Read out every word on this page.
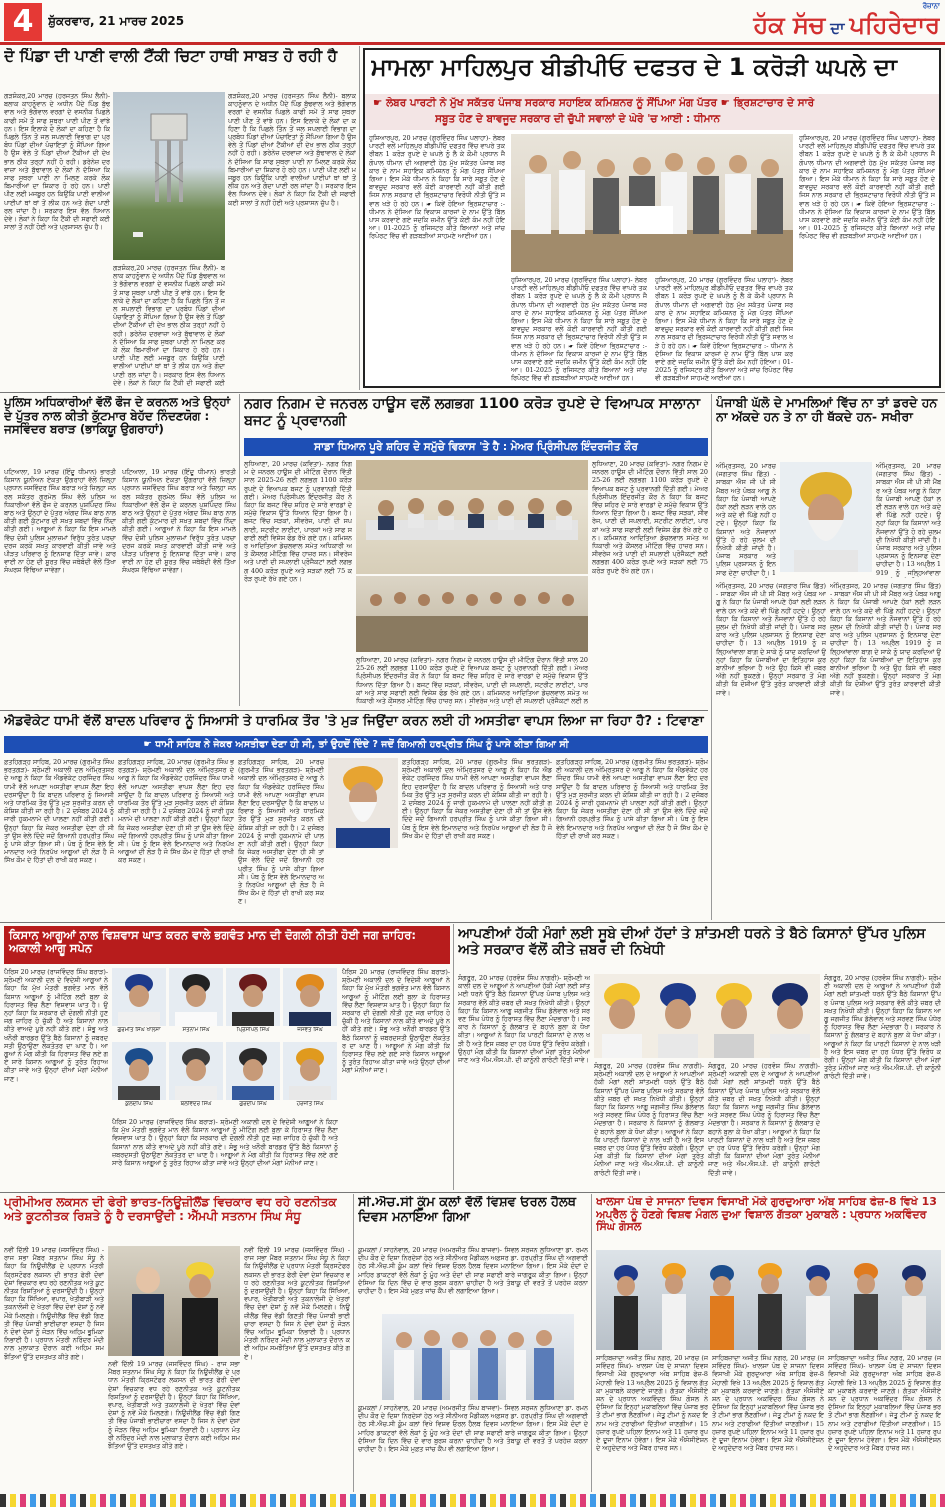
4	ਸ਼ੁੱਕਰਵਾਰ, 21 ਮਾਰਚ 2025
ਰੋਜ਼ਾਨਾ
ਹੱਕ ਸੱਚ ਦਾ ਪਹਿਰੇਦਾਰ
ਦੋ ਪਿੰਡਾ ਦੀ ਪਾਣੀ ਵਾਲੀ ਟੈਂਕੀ ਚਿਟਾ ਹਾਥੀ ਸਾਬਤ ਹੋ ਰਹੀ ਹੈ
ਗੜਸ਼ੰਕਰ,20 ਮਾਰਚ (ਹਰਜਤਨ ਸਿੰਘ ਲੈਨੀ)- ਬਲਾਕ ਕਾਹਨੂੰਵਾਨ ਦੇ ਅਧੀਨ ਪੈਂਦੇ ਪਿੰਡ ਬੁੱਢਵਾਲ ਅਤੇ ਭੱਗੋਵਾਲ ਵਰਗਾਂ ਦੇ ਵਸਨੀਕ ਪਿਛਲੇ ਕਾਫੀ ਸਮੇਂ ਤੋਂ ਸਾਫ ਸੁਥਰਾ ਪਾਣੀ ਪੀਣ ਤੋਂ ਵਾਂਝੇ ਹਨ। ਇਸ ਇਲਾਕੇ ਦੇ ਲੋਕਾਂ ਦਾ ਕਹਿਣਾ ਹੈ ਕਿ ਪਿਛਲੇ ਤਿੰਨ ਤੋਂ ਜਲ ਸਪਲਾਈ ਵਿਭਾਗ ਦਾ ਪ੍ਰਬੰਧ ਪਿੰਡਾਂ ਦੀਆਂ ਪੰਚਾਇਤਾਂ ਨੂੰ ਸੌਂਪਿਆ ਗਿਆ ਹੈ ਉਸ ਵੇਲੇ ਤੋਂ ਪਿੰਡਾਂ ਦੀਆਂ ਟੈਂਕੀਆਂ ਦੀ ਦੇਖ ਭਾਲ ਠੀਕ ਤਰ੍ਹਾਂ ਨਹੀਂ ਹੋ ਰਹੀ। ਡਰੇਨੇਜ਼ ਦਰਵਾਜ਼ਾ ਅਤੇ ਬੁੱਢਾਵਾਲ ਦੇ ਲੋਕਾਂ ਨੇ ਦੱਸਿਆ ਕਿ ਸਾਫ ਸੁਥਰਾ ਪਾਣੀ ਨਾ ਮਿਲਣ ਕਰਕੇ ਲੋਕ ਬਿਮਾਰੀਆਂ ਦਾ ਸ਼ਿਕਾਰ ਹੋ ਰਹੇ ਹਨ। ਪਾਣੀ ਪੀਣ ਲਈ ਮਜਬੂਰ ਹਨ ਕਿਉਂਕਿ ਪਾਣੀ ਵਾਲੀਆਂ ਪਾਈਪਾਂ ਥਾਂ ਥਾਂ ਤੋਂ ਲੀਕ ਹਨ ਅਤੇ ਗੰਦਾ ਪਾਣੀ ਰਲ ਜਾਂਦਾ ਹੈ। ਸਰਕਾਰ ਇਸ ਵੱਲ ਧਿਆਨ ਦੇਵੇ। ਲੋਕਾਂ ਨੇ ਕਿਹਾ ਕਿ ਟੈਂਕੀ ਦੀ ਸਫਾਈ ਕਈ ਸਾਲਾਂ ਤੋਂ ਨਹੀਂ ਹੋਈ ਅਤੇ ਪ੍ਰਸ਼ਾਸਨ ਚੁੱਪ ਹੈ।
ਗੜਸ਼ੰਕਰ,20 ਮਾਰਚ (ਹਰਜਤਨ ਸਿੰਘ ਲੈਨੀ)- ਬਲਾਕ ਕਾਹਨੂੰਵਾਨ ਦੇ ਅਧੀਨ ਪੈਂਦੇ ਪਿੰਡ ਬੁੱਢਵਾਲ ਅਤੇ ਭੱਗੋਵਾਲ ਵਰਗਾਂ ਦੇ ਵਸਨੀਕ ਪਿਛਲੇ ਕਾਫੀ ਸਮੇਂ ਤੋਂ ਸਾਫ ਸੁਥਰਾ ਪਾਣੀ ਪੀਣ ਤੋਂ ਵਾਂਝੇ ਹਨ। ਇਸ ਇਲਾਕੇ ਦੇ ਲੋਕਾਂ ਦਾ ਕਹਿਣਾ ਹੈ ਕਿ ਪਿਛਲੇ ਤਿੰਨ ਤੋਂ ਜਲ ਸਪਲਾਈ ਵਿਭਾਗ ਦਾ ਪ੍ਰਬੰਧ ਪਿੰਡਾਂ ਦੀਆਂ ਪੰਚਾਇਤਾਂ ਨੂੰ ਸੌਂਪਿਆ ਗਿਆ ਹੈ ਉਸ ਵੇਲੇ ਤੋਂ ਪਿੰਡਾਂ ਦੀਆਂ ਟੈਂਕੀਆਂ ਦੀ ਦੇਖ ਭਾਲ ਠੀਕ ਤਰ੍ਹਾਂ ਨਹੀਂ ਹੋ ਰਹੀ। ਡਰੇਨੇਜ਼ ਦਰਵਾਜ਼ਾ ਅਤੇ ਬੁੱਢਾਵਾਲ ਦੇ ਲੋਕਾਂ ਨੇ ਦੱਸਿਆ ਕਿ ਸਾਫ ਸੁਥਰਾ ਪਾਣੀ ਨਾ ਮਿਲਣ ਕਰਕੇ ਲੋਕ ਬਿਮਾਰੀਆਂ ਦਾ ਸ਼ਿਕਾਰ ਹੋ ਰਹੇ ਹਨ। ਪਾਣੀ ਪੀਣ ਲਈ ਮਜਬੂਰ ਹਨ ਕਿਉਂਕਿ ਪਾਣੀ ਵਾਲੀਆਂ ਪਾਈਪਾਂ ਥਾਂ ਥਾਂ ਤੋਂ ਲੀਕ ਹਨ ਅਤੇ ਗੰਦਾ ਪਾਣੀ ਰਲ ਜਾਂਦਾ ਹੈ। ਸਰਕਾਰ ਇਸ ਵੱਲ ਧਿਆਨ ਦੇਵੇ। ਲੋਕਾਂ ਨੇ ਕਿਹਾ ਕਿ ਟੈਂਕੀ ਦੀ ਸਫਾਈ ਕਈ
ਗੜਸ਼ੰਕਰ,20 ਮਾਰਚ (ਹਰਜਤਨ ਸਿੰਘ ਲੈਨੀ)- ਬਲਾਕ ਕਾਹਨੂੰਵਾਨ ਦੇ ਅਧੀਨ ਪੈਂਦੇ ਪਿੰਡ ਬੁੱਢਵਾਲ ਅਤੇ ਭੱਗੋਵਾਲ ਵਰਗਾਂ ਦੇ ਵਸਨੀਕ ਪਿਛਲੇ ਕਾਫੀ ਸਮੇਂ ਤੋਂ ਸਾਫ ਸੁਥਰਾ ਪਾਣੀ ਪੀਣ ਤੋਂ ਵਾਂਝੇ ਹਨ। ਇਸ ਇਲਾਕੇ ਦੇ ਲੋਕਾਂ ਦਾ ਕਹਿਣਾ ਹੈ ਕਿ ਪਿਛਲੇ ਤਿੰਨ ਤੋਂ ਜਲ ਸਪਲਾਈ ਵਿਭਾਗ ਦਾ ਪ੍ਰਬੰਧ ਪਿੰਡਾਂ ਦੀਆਂ ਪੰਚਾਇਤਾਂ ਨੂੰ ਸੌਂਪਿਆ ਗਿਆ ਹੈ ਉਸ ਵੇਲੇ ਤੋਂ ਪਿੰਡਾਂ ਦੀਆਂ ਟੈਂਕੀਆਂ ਦੀ ਦੇਖ ਭਾਲ ਠੀਕ ਤਰ੍ਹਾਂ ਨਹੀਂ ਹੋ ਰਹੀ। ਡਰੇਨੇਜ਼ ਦਰਵਾਜ਼ਾ ਅਤੇ ਬੁੱਢਾਵਾਲ ਦੇ ਲੋਕਾਂ ਨੇ ਦੱਸਿਆ ਕਿ ਸਾਫ ਸੁਥਰਾ ਪਾਣੀ ਨਾ ਮਿਲਣ ਕਰਕੇ ਲੋਕ ਬਿਮਾਰੀਆਂ ਦਾ ਸ਼ਿਕਾਰ ਹੋ ਰਹੇ ਹਨ। ਪਾਣੀ ਪੀਣ ਲਈ ਮਜਬੂਰ ਹਨ ਕਿਉਂਕਿ ਪਾਣੀ ਵਾਲੀਆਂ ਪਾਈਪਾਂ ਥਾਂ ਥਾਂ ਤੋਂ ਲੀਕ ਹਨ ਅਤੇ ਗੰਦਾ ਪਾਣੀ ਰਲ ਜਾਂਦਾ ਹੈ। ਸਰਕਾਰ ਇਸ ਵੱਲ ਧਿਆਨ ਦੇਵੇ। ਲੋਕਾਂ ਨੇ ਕਿਹਾ ਕਿ ਟੈਂਕੀ ਦੀ ਸਫਾਈ ਕਈ ਸਾਲਾਂ ਤੋਂ ਨਹੀਂ ਹੋਈ ਅਤੇ ਪ੍ਰਸ਼ਾਸਨ ਚੁੱਪ ਹੈ।
ਮਾਮਲਾ ਮਾਹਿਲਪੁਰ ਬੀਡੀਪੀਓ ਦਫਤਰ ਦੇ 1 ਕਰੋੜੀ ਘਪਲੇ ਦਾ
☛ ਲੇਬਰ ਪਾਰਟੀ ਨੇ ਮੁੱਖ ਸਕੱਤਰ ਪੰਜਾਬ ਸਰਕਾਰ ਸਹਾਇਕ ਕਮਿਸ਼ਨਰ ਨੂੰ ਸੌਂਪਿਆ ਮੰਗ ਪੱਤਰ ☛ ਭ੍ਰਿਸ਼ਟਾਚਾਰ ਦੇ ਸਾਰੇ
ਸਬੂਤ ਹੋਣ ਦੇ ਬਾਵਜੂਦ ਸਰਕਾਰ ਦੀ ਚੁੱਪੀ ਸਵਾਲਾਂ ਦੇ ਘੇਰੇ 'ਚ ਆਈ : ਧੀਮਾਨ
ਹੁਸ਼ਿਆਰਪੁਰ, 20 ਮਾਰਚ (ਗੁਰਵਿੰਦਰ ਸਿੰਘ ਪਲਾਹਾ)- ਲੇਬਰ ਪਾਰਟੀ ਵਲੋਂ ਮਾਹਿਲਪੁਰ ਬੀਡੀਪੀਓ ਦਫਤਰ ਵਿੱਚ ਵਾਪਰੇ ਤਕਰੀਬਨ 1 ਕਰੋੜ ਰੁਪਏ ਦੇ ਘਪਲੇ ਨੂੰ ਲੈ ਕੇ ਕੌਮੀ ਪ੍ਰਧਾਨ ਜੈ ਗੋਪਾਲ ਧੀਮਾਨ ਦੀ ਅਗਵਾਈ ਹੇਠ ਮੁੱਖ ਸਕੱਤਰ ਪੰਜਾਬ ਸਰਕਾਰ ਦੇ ਨਾਮ ਸਹਾਇਕ ਕਮਿਸ਼ਨਰ ਨੂੰ ਮੰਗ ਪੱਤਰ ਸੌਂਪਿਆ ਗਿਆ। ਇਸ ਮੌਕੇ ਧੀਮਾਨ ਨੇ ਕਿਹਾ ਕਿ ਸਾਰੇ ਸਬੂਤ ਹੋਣ ਦੇ ਬਾਵਜੂਦ ਸਰਕਾਰ ਵਲੋਂ ਕੋਈ ਕਾਰਵਾਈ ਨਹੀਂ ਕੀਤੀ ਗਈ ਜਿਸ ਨਾਲ ਸਰਕਾਰ ਦੀ ਭ੍ਰਿਸ਼ਟਾਚਾਰ ਵਿਰੋਧੀ ਨੀਤੀ ਉੱਤੇ ਸਵਾਲ ਖੜੇ ਹੋ ਰਹੇ ਹਨ। ☛ ਕਿਵੇਂ ਹੋਇਆ ਭ੍ਰਿਸ਼ਟਾਚਾਰ :- ਧੀਮਾਨ ਨੇ ਦੱਸਿਆ ਕਿ ਵਿਕਾਸ ਕਾਰਜਾਂ ਦੇ ਨਾਮ ਉੱਤੇ ਬਿੱਲ ਪਾਸ ਕਰਵਾਏ ਗਏ ਜਦਕਿ ਜ਼ਮੀਨ ਉੱਤੇ ਕੋਈ ਕੰਮ ਨਹੀਂ ਹੋਇਆ। 01-2025 ਨੂੰ ਰਜਿਸਟਰ ਕੀਤੇ ਬਿਆਨਾਂ ਅਤੇ ਜਾਂਚ ਰਿਪੋਰਟ ਵਿੱਚ ਵੀ ਗੜਬੜੀਆਂ ਸਾਹਮਣੇ ਆਈਆਂ ਹਨ।
ਹੁਸ਼ਿਆਰਪੁਰ, 20 ਮਾਰਚ (ਗੁਰਵਿੰਦਰ ਸਿੰਘ ਪਲਾਹਾ)- ਲੇਬਰ ਪਾਰਟੀ ਵਲੋਂ ਮਾਹਿਲਪੁਰ ਬੀਡੀਪੀਓ ਦਫਤਰ ਵਿੱਚ ਵਾਪਰੇ ਤਕਰੀਬਨ 1 ਕਰੋੜ ਰੁਪਏ ਦੇ ਘਪਲੇ ਨੂੰ ਲੈ ਕੇ ਕੌਮੀ ਪ੍ਰਧਾਨ ਜੈ ਗੋਪਾਲ ਧੀਮਾਨ ਦੀ ਅਗਵਾਈ ਹੇਠ ਮੁੱਖ ਸਕੱਤਰ ਪੰਜਾਬ ਸਰਕਾਰ ਦੇ ਨਾਮ ਸਹਾਇਕ ਕਮਿਸ਼ਨਰ ਨੂੰ ਮੰਗ ਪੱਤਰ ਸੌਂਪਿਆ ਗਿਆ। ਇਸ ਮੌਕੇ ਧੀਮਾਨ ਨੇ ਕਿਹਾ ਕਿ ਸਾਰੇ ਸਬੂਤ ਹੋਣ ਦੇ ਬਾਵਜੂਦ ਸਰਕਾਰ ਵਲੋਂ ਕੋਈ ਕਾਰਵਾਈ ਨਹੀਂ ਕੀਤੀ ਗਈ ਜਿਸ ਨਾਲ ਸਰਕਾਰ ਦੀ ਭ੍ਰਿਸ਼ਟਾਚਾਰ ਵਿਰੋਧੀ ਨੀਤੀ ਉੱਤੇ ਸਵਾਲ ਖੜੇ ਹੋ ਰਹੇ ਹਨ। ☛ ਕਿਵੇਂ ਹੋਇਆ ਭ੍ਰਿਸ਼ਟਾਚਾਰ :- ਧੀਮਾਨ ਨੇ ਦੱਸਿਆ ਕਿ ਵਿਕਾਸ ਕਾਰਜਾਂ ਦੇ ਨਾਮ ਉੱਤੇ ਬਿੱਲ ਪਾਸ ਕਰਵਾਏ ਗਏ ਜਦਕਿ ਜ਼ਮੀਨ ਉੱਤੇ ਕੋਈ ਕੰਮ ਨਹੀਂ ਹੋਇਆ। 01-2025 ਨੂੰ ਰਜਿਸਟਰ ਕੀਤੇ ਬਿਆਨਾਂ ਅਤੇ ਜਾਂਚ ਰਿਪੋਰਟ ਵਿੱਚ ਵੀ ਗੜਬੜੀਆਂ ਸਾਹਮਣੇ ਆਈਆਂ ਹਨ।
ਹੁਸ਼ਿਆਰਪੁਰ, 20 ਮਾਰਚ (ਗੁਰਵਿੰਦਰ ਸਿੰਘ ਪਲਾਹਾ)- ਲੇਬਰ ਪਾਰਟੀ ਵਲੋਂ ਮਾਹਿਲਪੁਰ ਬੀਡੀਪੀਓ ਦਫਤਰ ਵਿੱਚ ਵਾਪਰੇ ਤਕਰੀਬਨ 1 ਕਰੋੜ ਰੁਪਏ ਦੇ ਘਪਲੇ ਨੂੰ ਲੈ ਕੇ ਕੌਮੀ ਪ੍ਰਧਾਨ ਜੈ ਗੋਪਾਲ ਧੀਮਾਨ ਦੀ ਅਗਵਾਈ ਹੇਠ ਮੁੱਖ ਸਕੱਤਰ ਪੰਜਾਬ ਸਰਕਾਰ ਦੇ ਨਾਮ ਸਹਾਇਕ ਕਮਿਸ਼ਨਰ ਨੂੰ ਮੰਗ ਪੱਤਰ ਸੌਂਪਿਆ ਗਿਆ। ਇਸ ਮੌਕੇ ਧੀਮਾਨ ਨੇ ਕਿਹਾ ਕਿ ਸਾਰੇ ਸਬੂਤ ਹੋਣ ਦੇ ਬਾਵਜੂਦ ਸਰਕਾਰ ਵਲੋਂ ਕੋਈ ਕਾਰਵਾਈ ਨਹੀਂ ਕੀਤੀ ਗਈ ਜਿਸ ਨਾਲ ਸਰਕਾਰ ਦੀ ਭ੍ਰਿਸ਼ਟਾਚਾਰ ਵਿਰੋਧੀ ਨੀਤੀ ਉੱਤੇ ਸਵਾਲ ਖੜੇ ਹੋ ਰਹੇ ਹਨ। ☛ ਕਿਵੇਂ ਹੋਇਆ ਭ੍ਰਿਸ਼ਟਾਚਾਰ :- ਧੀਮਾਨ ਨੇ ਦੱਸਿਆ ਕਿ ਵਿਕਾਸ ਕਾਰਜਾਂ ਦੇ ਨਾਮ ਉੱਤੇ ਬਿੱਲ ਪਾਸ ਕਰਵਾਏ ਗਏ ਜਦਕਿ ਜ਼ਮੀਨ ਉੱਤੇ ਕੋਈ ਕੰਮ ਨਹੀਂ ਹੋਇਆ। 01-2025 ਨੂੰ ਰਜਿਸਟਰ ਕੀਤੇ ਬਿਆਨਾਂ ਅਤੇ ਜਾਂਚ ਰਿਪੋਰਟ ਵਿੱਚ ਵੀ ਗੜਬੜੀਆਂ ਸਾਹਮਣੇ ਆਈਆਂ ਹਨ।
ਹੁਸ਼ਿਆਰਪੁਰ, 20 ਮਾਰਚ (ਗੁਰਵਿੰਦਰ ਸਿੰਘ ਪਲਾਹਾ)- ਲੇਬਰ ਪਾਰਟੀ ਵਲੋਂ ਮਾਹਿਲਪੁਰ ਬੀਡੀਪੀਓ ਦਫਤਰ ਵਿੱਚ ਵਾਪਰੇ ਤਕਰੀਬਨ 1 ਕਰੋੜ ਰੁਪਏ ਦੇ ਘਪਲੇ ਨੂੰ ਲੈ ਕੇ ਕੌਮੀ ਪ੍ਰਧਾਨ ਜੈ ਗੋਪਾਲ ਧੀਮਾਨ ਦੀ ਅਗਵਾਈ ਹੇਠ ਮੁੱਖ ਸਕੱਤਰ ਪੰਜਾਬ ਸਰਕਾਰ ਦੇ ਨਾਮ ਸਹਾਇਕ ਕਮਿਸ਼ਨਰ ਨੂੰ ਮੰਗ ਪੱਤਰ ਸੌਂਪਿਆ ਗਿਆ। ਇਸ ਮੌਕੇ ਧੀਮਾਨ ਨੇ ਕਿਹਾ ਕਿ ਸਾਰੇ ਸਬੂਤ ਹੋਣ ਦੇ ਬਾਵਜੂਦ ਸਰਕਾਰ ਵਲੋਂ ਕੋਈ ਕਾਰਵਾਈ ਨਹੀਂ ਕੀਤੀ ਗਈ ਜਿਸ ਨਾਲ ਸਰਕਾਰ ਦੀ ਭ੍ਰਿਸ਼ਟਾਚਾਰ ਵਿਰੋਧੀ ਨੀਤੀ ਉੱਤੇ ਸਵਾਲ ਖੜੇ ਹੋ ਰਹੇ ਹਨ। ☛ ਕਿਵੇਂ ਹੋਇਆ ਭ੍ਰਿਸ਼ਟਾਚਾਰ :- ਧੀਮਾਨ ਨੇ ਦੱਸਿਆ ਕਿ ਵਿਕਾਸ ਕਾਰਜਾਂ ਦੇ ਨਾਮ ਉੱਤੇ ਬਿੱਲ ਪਾਸ ਕਰਵਾਏ ਗਏ ਜਦਕਿ ਜ਼ਮੀਨ ਉੱਤੇ ਕੋਈ ਕੰਮ ਨਹੀਂ ਹੋਇਆ। 01-2025 ਨੂੰ ਰਜਿਸਟਰ ਕੀਤੇ ਬਿਆਨਾਂ ਅਤੇ ਜਾਂਚ ਰਿਪੋਰਟ ਵਿੱਚ ਵੀ ਗੜਬੜੀਆਂ ਸਾਹਮਣੇ ਆਈਆਂ ਹਨ।
ਪੁਲਿਸ ਅਧਿਕਾਰੀਆਂ ਵੱਲੋਂ ਫੌਜ ਦੇ ਕਰਨਲ ਅਤੇ ਉਨ੍ਹਾਂ ਦੇ ਪੁੱਤਰ ਨਾਲ ਕੀਤੀ ਕੁੱਟਮਾਰ ਬੇਹੱਦ ਨਿੰਦਣਯੋਗ : ਜਸਵਿੰਦਰ ਬਰਾੜ (ਭਾਕਿਯੂ ਉਗਰਾਹਾਂ)
ਪਟਿਆਲਾ, 19 ਮਾਰਚ (ਇੰਦੂ ਧੀਮਾਨ) ਭਾਰਤੀ ਕਿਸਾਨ ਯੂਨੀਅਨ ਏਕਤਾ ਉਗਰਾਹਾਂ ਵੱਲੋਂ ਜ਼ਿਲ੍ਹਾ ਪ੍ਰਧਾਨ ਜਸਵਿੰਦਰ ਸਿੰਘ ਬਰਾੜ ਅਤੇ ਜ਼ਿਲ੍ਹਾ ਜਨਰਲ ਸਕੱਤਰ ਗੁਰਮੇਲ ਸਿੰਘ ਵੱਲੋਂ ਪੁਲਿਸ ਅਧਿਕਾਰੀਆਂ ਵੱਲੋਂ ਫੌਜ ਦੇ ਕਰਨਲ ਪੁਸ਼ਪਿੰਦਰ ਸਿੰਘ ਬਾਠ ਅਤੇ ਉਨ੍ਹਾਂ ਦੇ ਪੁੱਤਰ ਅੰਗਦ ਸਿੰਘ ਬਾਠ ਨਾਲ ਕੀਤੀ ਗਈ ਕੁੱਟਮਾਰ ਦੀ ਸਖ਼ਤ ਸ਼ਬਦਾਂ ਵਿੱਚ ਨਿੰਦਾ ਕੀਤੀ ਗਈ। ਆਗੂਆਂ ਨੇ ਕਿਹਾ ਕਿ ਇਸ ਮਾਮਲੇ ਵਿੱਚ ਦੋਸ਼ੀ ਪੁਲਿਸ ਮੁਲਾਜ਼ਮਾਂ ਵਿਰੁੱਧ ਤੁਰੰਤ ਪਰਚਾ ਦਰਜ ਕਰਕੇ ਸਖ਼ਤ ਕਾਰਵਾਈ ਕੀਤੀ ਜਾਵੇ ਅਤੇ ਪੀੜਤ ਪਰਿਵਾਰ ਨੂੰ ਇਨਸਾਫ ਦਿੱਤਾ ਜਾਵੇ। ਕਾਰਵਾਈ ਨਾ ਹੋਣ ਦੀ ਸੂਰਤ ਵਿੱਚ ਜਥੇਬੰਦੀ ਵੱਲੋਂ ਤਿੱਖਾ ਸੰਘਰਸ਼ ਵਿੱਢਿਆ ਜਾਵੇਗਾ।
ਪਟਿਆਲਾ, 19 ਮਾਰਚ (ਇੰਦੂ ਧੀਮਾਨ) ਭਾਰਤੀ ਕਿਸਾਨ ਯੂਨੀਅਨ ਏਕਤਾ ਉਗਰਾਹਾਂ ਵੱਲੋਂ ਜ਼ਿਲ੍ਹਾ ਪ੍ਰਧਾਨ ਜਸਵਿੰਦਰ ਸਿੰਘ ਬਰਾੜ ਅਤੇ ਜ਼ਿਲ੍ਹਾ ਜਨਰਲ ਸਕੱਤਰ ਗੁਰਮੇਲ ਸਿੰਘ ਵੱਲੋਂ ਪੁਲਿਸ ਅਧਿਕਾਰੀਆਂ ਵੱਲੋਂ ਫੌਜ ਦੇ ਕਰਨਲ ਪੁਸ਼ਪਿੰਦਰ ਸਿੰਘ ਬਾਠ ਅਤੇ ਉਨ੍ਹਾਂ ਦੇ ਪੁੱਤਰ ਅੰਗਦ ਸਿੰਘ ਬਾਠ ਨਾਲ ਕੀਤੀ ਗਈ ਕੁੱਟਮਾਰ ਦੀ ਸਖ਼ਤ ਸ਼ਬਦਾਂ ਵਿੱਚ ਨਿੰਦਾ ਕੀਤੀ ਗਈ। ਆਗੂਆਂ ਨੇ ਕਿਹਾ ਕਿ ਇਸ ਮਾਮਲੇ ਵਿੱਚ ਦੋਸ਼ੀ ਪੁਲਿਸ ਮੁਲਾਜ਼ਮਾਂ ਵਿਰੁੱਧ ਤੁਰੰਤ ਪਰਚਾ ਦਰਜ ਕਰਕੇ ਸਖ਼ਤ ਕਾਰਵਾਈ ਕੀਤੀ ਜਾਵੇ ਅਤੇ ਪੀੜਤ ਪਰਿਵਾਰ ਨੂੰ ਇਨਸਾਫ ਦਿੱਤਾ ਜਾਵੇ। ਕਾਰਵਾਈ ਨਾ ਹੋਣ ਦੀ ਸੂਰਤ ਵਿੱਚ ਜਥੇਬੰਦੀ ਵੱਲੋਂ ਤਿੱਖਾ ਸੰਘਰਸ਼ ਵਿੱਢਿਆ ਜਾਵੇਗਾ।
ਨਗਰ ਨਿਗਮ ਦੇ ਜਨਰਲ ਹਾਊਸ ਵਲੋਂ ਲਗਭਗ 1100 ਕਰੋੜ ਰੁਪਏ ਦੇ ਵਿਆਪਕ ਸਾਲਾਨਾ ਬਜਟ ਨੂੰ ਪ੍ਰਵਾਨਗੀ
ਸਾਡਾ ਧਿਆਨ ਪੂਰੇ ਸ਼ਹਿਰ ਦੇ ਸਮੁੱਚੇ ਵਿਕਾਸ 'ਤੇ ਹੈ : ਮੇਅਰ ਪ੍ਰਿੰਸੀਪਲ ਇੰਦਰਜੀਤ ਕੌਰ
ਲੁਧਿਆਣਾ, 20 ਮਾਰਚ (ਕਵਿਤਾ)- ਨਗਰ ਨਿਗਮ ਦੇ ਜਨਰਲ ਹਾਊਸ ਦੀ ਮੀਟਿੰਗ ਦੌਰਾਨ ਵਿੱਤੀ ਸਾਲ 2025-26 ਲਈ ਲਗਭਗ 1100 ਕਰੋੜ ਰੁਪਏ ਦੇ ਵਿਆਪਕ ਬਜਟ ਨੂੰ ਪ੍ਰਵਾਨਗੀ ਦਿੱਤੀ ਗਈ। ਮੇਅਰ ਪ੍ਰਿੰਸੀਪਲ ਇੰਦਰਜੀਤ ਕੌਰ ਨੇ ਕਿਹਾ ਕਿ ਬਜਟ ਵਿੱਚ ਸ਼ਹਿਰ ਦੇ ਸਾਰੇ ਵਾਰਡਾਂ ਦੇ ਸਮੁੱਚੇ ਵਿਕਾਸ ਉੱਤੇ ਧਿਆਨ ਦਿੱਤਾ ਗਿਆ ਹੈ। ਬਜਟ ਵਿੱਚ ਸੜਕਾਂ, ਸੀਵਰੇਜ, ਪਾਣੀ ਦੀ ਸਪਲਾਈ, ਸਟਰੀਟ ਲਾਈਟਾਂ, ਪਾਰਕਾਂ ਅਤੇ ਸਾਫ ਸਫਾਈ ਲਈ ਵਿਸ਼ੇਸ਼ ਫੰਡ ਰੱਖੇ ਗਏ ਹਨ। ਕਮਿਸ਼ਨਰ ਆਦਿਤਿਆ ਡੇਚਲਵਾਲ ਸਮੇਤ ਅਧਿਕਾਰੀ ਅਤੇ ਕੌਂਸਲਰ ਮੀਟਿੰਗ ਵਿੱਚ ਹਾਜ਼ਰ ਸਨ। ਸੀਵਰੇਜ ਅਤੇ ਪਾਣੀ ਦੀ ਸਪਲਾਈ ਪ੍ਰੋਜੈਕਟਾਂ ਲਈ ਲਗਭਗ 400 ਕਰੋੜ ਰੁਪਏ ਅਤੇ ਸੜਕਾਂ ਲਈ 75 ਕਰੋੜ ਰੁਪਏ ਰੱਖੇ ਗਏ ਹਨ।
ਲੁਧਿਆਣਾ, 20 ਮਾਰਚ (ਕਵਿਤਾ)- ਨਗਰ ਨਿਗਮ ਦੇ ਜਨਰਲ ਹਾਊਸ ਦੀ ਮੀਟਿੰਗ ਦੌਰਾਨ ਵਿੱਤੀ ਸਾਲ 2025-26 ਲਈ ਲਗਭਗ 1100 ਕਰੋੜ ਰੁਪਏ ਦੇ ਵਿਆਪਕ ਬਜਟ ਨੂੰ ਪ੍ਰਵਾਨਗੀ ਦਿੱਤੀ ਗਈ। ਮੇਅਰ ਪ੍ਰਿੰਸੀਪਲ ਇੰਦਰਜੀਤ ਕੌਰ ਨੇ ਕਿਹਾ ਕਿ ਬਜਟ ਵਿੱਚ ਸ਼ਹਿਰ ਦੇ ਸਾਰੇ ਵਾਰਡਾਂ ਦੇ ਸਮੁੱਚੇ ਵਿਕਾਸ ਉੱਤੇ ਧਿਆਨ ਦਿੱਤਾ ਗਿਆ ਹੈ। ਬਜਟ ਵਿੱਚ ਸੜਕਾਂ, ਸੀਵਰੇਜ, ਪਾਣੀ ਦੀ ਸਪਲਾਈ, ਸਟਰੀਟ ਲਾਈਟਾਂ, ਪਾਰਕਾਂ ਅਤੇ ਸਾਫ ਸਫਾਈ ਲਈ ਵਿਸ਼ੇਸ਼ ਫੰਡ ਰੱਖੇ ਗਏ ਹਨ। ਕਮਿਸ਼ਨਰ ਆਦਿਤਿਆ ਡੇਚਲਵਾਲ ਸਮੇਤ ਅਧਿਕਾਰੀ ਅਤੇ ਕੌਂਸਲਰ ਮੀਟਿੰਗ ਵਿੱਚ ਹਾਜ਼ਰ ਸਨ। ਸੀਵਰੇਜ ਅਤੇ ਪਾਣੀ ਦੀ ਸਪਲਾਈ ਪ੍ਰੋਜੈਕਟਾਂ ਲਈ ਲ
ਲੁਧਿਆਣਾ, 20 ਮਾਰਚ (ਕਵਿਤਾ)- ਨਗਰ ਨਿਗਮ ਦੇ ਜਨਰਲ ਹਾਊਸ ਦੀ ਮੀਟਿੰਗ ਦੌਰਾਨ ਵਿੱਤੀ ਸਾਲ 2025-26 ਲਈ ਲਗਭਗ 1100 ਕਰੋੜ ਰੁਪਏ ਦੇ ਵਿਆਪਕ ਬਜਟ ਨੂੰ ਪ੍ਰਵਾਨਗੀ ਦਿੱਤੀ ਗਈ। ਮੇਅਰ ਪ੍ਰਿੰਸੀਪਲ ਇੰਦਰਜੀਤ ਕੌਰ ਨੇ ਕਿਹਾ ਕਿ ਬਜਟ ਵਿੱਚ ਸ਼ਹਿਰ ਦੇ ਸਾਰੇ ਵਾਰਡਾਂ ਦੇ ਸਮੁੱਚੇ ਵਿਕਾਸ ਉੱਤੇ ਧਿਆਨ ਦਿੱਤਾ ਗਿਆ ਹੈ। ਬਜਟ ਵਿੱਚ ਸੜਕਾਂ, ਸੀਵਰੇਜ, ਪਾਣੀ ਦੀ ਸਪਲਾਈ, ਸਟਰੀਟ ਲਾਈਟਾਂ, ਪਾਰਕਾਂ ਅਤੇ ਸਾਫ ਸਫਾਈ ਲਈ ਵਿਸ਼ੇਸ਼ ਫੰਡ ਰੱਖੇ ਗਏ ਹਨ। ਕਮਿਸ਼ਨਰ ਆਦਿਤਿਆ ਡੇਚਲਵਾਲ ਸਮੇਤ ਅਧਿਕਾਰੀ ਅਤੇ ਕੌਂਸਲਰ ਮੀਟਿੰਗ ਵਿੱਚ ਹਾਜ਼ਰ ਸਨ। ਸੀਵਰੇਜ ਅਤੇ ਪਾਣੀ ਦੀ ਸਪਲਾਈ ਪ੍ਰੋਜੈਕਟਾਂ ਲਈ ਲਗਭਗ 400 ਕਰੋੜ ਰੁਪਏ ਅਤੇ ਸੜਕਾਂ ਲਈ 75 ਕਰੋੜ ਰੁਪਏ ਰੱਖੇ ਗਏ ਹਨ।
ਪੰਜਾਬੀ ਘੱਲੋ ਦੇ ਮਾਮਲਿਆਂ ਵਿੱਚ ਨਾ ਤਾਂ ਡਰਦੇ ਹਨ ਨਾ ਅੱਕਦੇ ਹਨ ਤੇ ਨਾ ਹੀ ਥੱਕਦੇ ਹਨ- ਸਖੀਰਾ
ਅੰਮ੍ਰਿਤਸਰ, 20 ਮਾਰਚ (ਜਗਤਾਰ ਸਿੰਘ ਛਿੱਤ) - ਸਾਬਕਾ ਐਸ ਜੀ ਪੀ ਸੀ ਮੈਂਬਰ ਅਤੇ ਪੰਥਕ ਆਗੂ ਨੇ ਕਿਹਾ ਕਿ ਪੰਜਾਬੀ ਆਪਣੇ ਹੱਕਾਂ ਲਈ ਲੜਨ ਵਾਲੇ ਹਨ ਅਤੇ ਕਦੇ ਵੀ ਪਿੱਛੇ ਨਹੀਂ ਹਟਦੇ। ਉਨ੍ਹਾਂ ਕਿਹਾ ਕਿ ਕਿਸਾਨਾਂ ਅਤੇ ਨੌਜਵਾਨਾਂ ਉੱਤੇ ਹੋ ਰਹੇ ਜ਼ੁਲਮ ਦੀ ਨਿਖੇਧੀ ਕੀਤੀ ਜਾਂਦੀ ਹੈ। ਪੰਜਾਬ ਸਰਕਾਰ ਅਤੇ ਪੁਲਿਸ ਪ੍ਰਸ਼ਾਸਨ ਨੂੰ ਇਨਸਾਫ ਦੇਣਾ ਚਾਹੀਦਾ ਹੈ। 1
ਅੰਮ੍ਰਿਤਸਰ, 20 ਮਾਰਚ (ਜਗਤਾਰ ਸਿੰਘ ਛਿੱਤ) - ਸਾਬਕਾ ਐਸ ਜੀ ਪੀ ਸੀ ਮੈਂਬਰ ਅਤੇ ਪੰਥਕ ਆਗੂ ਨੇ ਕਿਹਾ ਕਿ ਪੰਜਾਬੀ ਆਪਣੇ ਹੱਕਾਂ ਲਈ ਲੜਨ ਵਾਲੇ ਹਨ ਅਤੇ ਕਦੇ ਵੀ ਪਿੱਛੇ ਨਹੀਂ ਹਟਦੇ। ਉਨ੍ਹਾਂ ਕਿਹਾ ਕਿ ਕਿਸਾਨਾਂ ਅਤੇ ਨੌਜਵਾਨਾਂ ਉੱਤੇ ਹੋ ਰਹੇ ਜ਼ੁਲਮ ਦੀ ਨਿਖੇਧੀ ਕੀਤੀ ਜਾਂਦੀ ਹੈ। ਪੰਜਾਬ ਸਰਕਾਰ ਅਤੇ ਪੁਲਿਸ ਪ੍ਰਸ਼ਾਸਨ ਨੂੰ ਇਨਸਾਫ ਦੇਣਾ ਚਾਹੀਦਾ ਹੈ। 13 ਅਪ੍ਰੈਲ 1919 ਨੂੰ ਜਲ੍ਹਿਆਂਵਾਲਾ
ਅੰਮ੍ਰਿਤਸਰ, 20 ਮਾਰਚ (ਜਗਤਾਰ ਸਿੰਘ ਛਿੱਤ) - ਸਾਬਕਾ ਐਸ ਜੀ ਪੀ ਸੀ ਮੈਂਬਰ ਅਤੇ ਪੰਥਕ ਆਗੂ ਨੇ ਕਿਹਾ ਕਿ ਪੰਜਾਬੀ ਆਪਣੇ ਹੱਕਾਂ ਲਈ ਲੜਨ ਵਾਲੇ ਹਨ ਅਤੇ ਕਦੇ ਵੀ ਪਿੱਛੇ ਨਹੀਂ ਹਟਦੇ। ਉਨ੍ਹਾਂ ਕਿਹਾ ਕਿ ਕਿਸਾਨਾਂ ਅਤੇ ਨੌਜਵਾਨਾਂ ਉੱਤੇ ਹੋ ਰਹੇ ਜ਼ੁਲਮ ਦੀ ਨਿਖੇਧੀ ਕੀਤੀ ਜਾਂਦੀ ਹੈ। ਪੰਜਾਬ ਸਰਕਾਰ ਅਤੇ ਪੁਲਿਸ ਪ੍ਰਸ਼ਾਸਨ ਨੂੰ ਇਨਸਾਫ ਦੇਣਾ ਚਾਹੀਦਾ ਹੈ। 13 ਅਪ੍ਰੈਲ 1919 ਨੂੰ ਜਲ੍ਹਿਆਂਵਾਲਾ ਬਾਗ਼ ਦੇ ਸਾਕੇ ਨੂੰ ਯਾਦ ਕਰਦਿਆਂ ਉਨ੍ਹਾਂ ਕਿਹਾ ਕਿ ਪੰਜਾਬੀਆਂ ਦਾ ਇਤਿਹਾਸ ਕੁਰਬਾਨੀਆਂ ਭਰਿਆ ਹੈ ਅਤੇ ਉਹ ਕਿਸੇ ਵੀ ਜ਼ਬਰ ਅੱਗੇ ਨਹੀਂ ਝੁਕਣਗੇ। ਉਨ੍ਹਾਂ ਸਰਕਾਰ ਤੋਂ ਮੰਗ ਕੀਤੀ ਕਿ ਦੋਸ਼ੀਆਂ ਉੱਤੇ ਤੁਰੰਤ ਕਾਰਵਾਈ ਕੀਤੀ ਜਾਵੇ।
ਅੰਮ੍ਰਿਤਸਰ, 20 ਮਾਰਚ (ਜਗਤਾਰ ਸਿੰਘ ਛਿੱਤ) - ਸਾਬਕਾ ਐਸ ਜੀ ਪੀ ਸੀ ਮੈਂਬਰ ਅਤੇ ਪੰਥਕ ਆਗੂ ਨੇ ਕਿਹਾ ਕਿ ਪੰਜਾਬੀ ਆਪਣੇ ਹੱਕਾਂ ਲਈ ਲੜਨ ਵਾਲੇ ਹਨ ਅਤੇ ਕਦੇ ਵੀ ਪਿੱਛੇ ਨਹੀਂ ਹਟਦੇ। ਉਨ੍ਹਾਂ ਕਿਹਾ ਕਿ ਕਿਸਾਨਾਂ ਅਤੇ ਨੌਜਵਾਨਾਂ ਉੱਤੇ ਹੋ ਰਹੇ ਜ਼ੁਲਮ ਦੀ ਨਿਖੇਧੀ ਕੀਤੀ ਜਾਂਦੀ ਹੈ। ਪੰਜਾਬ ਸਰਕਾਰ ਅਤੇ ਪੁਲਿਸ ਪ੍ਰਸ਼ਾਸਨ ਨੂੰ ਇਨਸਾਫ ਦੇਣਾ ਚਾਹੀਦਾ ਹੈ। 13 ਅਪ੍ਰੈਲ 1919 ਨੂੰ ਜਲ੍ਹਿਆਂਵਾਲਾ ਬਾਗ਼ ਦੇ ਸਾਕੇ ਨੂੰ ਯਾਦ ਕਰਦਿਆਂ ਉਨ੍ਹਾਂ ਕਿਹਾ ਕਿ ਪੰਜਾਬੀਆਂ ਦਾ ਇਤਿਹਾਸ ਕੁਰਬਾਨੀਆਂ ਭਰਿਆ ਹੈ ਅਤੇ ਉਹ ਕਿਸੇ ਵੀ ਜ਼ਬਰ ਅੱਗੇ ਨਹੀਂ ਝੁਕਣਗੇ। ਉਨ੍ਹਾਂ ਸਰਕਾਰ ਤੋਂ ਮੰਗ ਕੀਤੀ ਕਿ ਦੋਸ਼ੀਆਂ ਉੱਤੇ ਤੁਰੰਤ ਕਾਰਵਾਈ ਕੀਤੀ ਜਾਵੇ।
ਐਡਵੋਕੇਟ ਧਾਮੀ ਵੱਲੋਂ ਬਾਦਲ ਪਰਿਵਾਰ ਨੂੰ ਸਿਆਸੀ ਤੇ ਧਾਰਮਿਕ ਤੌਰ 'ਤੇ ਮੁੜ ਜਿਉਂਦਾ ਕਰਨ ਲਈ ਹੀ ਅਸਤੀਫਾ ਵਾਪਸ ਲਿਆ ਜਾ ਰਿਹਾ ਹੈ? : ਟਿਵਾਣਾ
☛ ਧਾਮੀ ਸਾਹਿਬ ਨੇ ਜੇਕਰ ਅਸਤੀਫਾ ਦੇਣਾ ਹੀ ਸੀ, ਤਾਂ ਉਹਦੋਂ ਦਿੰਦੇ ? ਜਦੋਂ ਗਿਆਨੀ ਹਰਪ੍ਰੀਤ ਸਿੰਘ ਨੂੰ ਪਾਸੇ ਕੀਤਾ ਗਿਆ ਸੀ
ਫ਼ਤਹਿਗੜ੍ਹ ਸਾਹਿਬ, 20 ਮਾਰਚ (ਗੁਰਮੀਤ ਸਿੰਘ ਭਰਤਗੜ)- ਸ਼੍ਰੋਮਣੀ ਅਕਾਲੀ ਦਲ ਅੰਮ੍ਰਿਤਸਰ ਦੇ ਆਗੂ ਨੇ ਕਿਹਾ ਕਿ ਐਡਵੋਕੇਟ ਹਰਜਿੰਦਰ ਸਿੰਘ ਧਾਮੀ ਵੱਲੋਂ ਆਪਣਾ ਅਸਤੀਫਾ ਵਾਪਸ ਲੈਣਾ ਇਹ ਦਰਸਾਉਂਦਾ ਹੈ ਕਿ ਬਾਦਲ ਪਰਿਵਾਰ ਨੂੰ ਸਿਆਸੀ ਅਤੇ ਧਾਰਮਿਕ ਤੌਰ ਉੱਤੇ ਮੁੜ ਸੁਰਜੀਤ ਕਰਨ ਦੀ ਕੋਸ਼ਿਸ਼ ਕੀਤੀ ਜਾ ਰਹੀ ਹੈ। 2 ਦਸੰਬਰ 2024 ਨੂੰ ਜਾਰੀ ਹੁਕਮਨਾਮੇ ਦੀ ਪਾਲਣਾ ਨਹੀਂ ਕੀਤੀ ਗਈ। ਉਨ੍ਹਾਂ ਕਿਹਾ ਕਿ ਜੇਕਰ ਅਸਤੀਫਾ ਦੇਣਾ ਹੀ ਸੀ ਤਾਂ ਉਸ ਵੇਲੇ ਦਿੰਦੇ ਜਦੋਂ ਗਿਆਨੀ ਹਰਪ੍ਰੀਤ ਸਿੰਘ ਨੂੰ ਪਾਸੇ ਕੀਤਾ ਗਿਆ ਸੀ। ਪੰਥ ਨੂੰ ਇਸ ਵੇਲੇ ਇਮਾਨਦਾਰ ਅਤੇ ਨਿਰਪੱਖ ਆਗੂਆਂ ਦੀ ਲੋੜ ਹੈ ਜੋ ਸਿੱਖ ਕੌਮ ਦੇ ਹਿੱਤਾਂ ਦੀ ਰਾਖੀ ਕਰ ਸਕਣ।
ਫ਼ਤਹਿਗੜ੍ਹ ਸਾਹਿਬ, 20 ਮਾਰਚ (ਗੁਰਮੀਤ ਸਿੰਘ ਭਰਤਗੜ)- ਸ਼੍ਰੋਮਣੀ ਅਕਾਲੀ ਦਲ ਅੰਮ੍ਰਿਤਸਰ ਦੇ ਆਗੂ ਨੇ ਕਿਹਾ ਕਿ ਐਡਵੋਕੇਟ ਹਰਜਿੰਦਰ ਸਿੰਘ ਧਾਮੀ ਵੱਲੋਂ ਆਪਣਾ ਅਸਤੀਫਾ ਵਾਪਸ ਲੈਣਾ ਇਹ ਦਰਸਾਉਂਦਾ ਹੈ ਕਿ ਬਾਦਲ ਪਰਿਵਾਰ ਨੂੰ ਸਿਆਸੀ ਅਤੇ ਧਾਰਮਿਕ ਤੌਰ ਉੱਤੇ ਮੁੜ ਸੁਰਜੀਤ ਕਰਨ ਦੀ ਕੋਸ਼ਿਸ਼ ਕੀਤੀ ਜਾ ਰਹੀ ਹੈ। 2 ਦਸੰਬਰ 2024 ਨੂੰ ਜਾਰੀ ਹੁਕਮਨਾਮੇ ਦੀ ਪਾਲਣਾ ਨਹੀਂ ਕੀਤੀ ਗਈ। ਉਨ੍ਹਾਂ ਕਿਹਾ ਕਿ ਜੇਕਰ ਅਸਤੀਫਾ ਦੇਣਾ ਹੀ ਸੀ ਤਾਂ ਉਸ ਵੇਲੇ ਦਿੰਦੇ ਜਦੋਂ ਗਿਆਨੀ ਹਰਪ੍ਰੀਤ ਸਿੰਘ ਨੂੰ ਪਾਸੇ ਕੀਤਾ ਗਿਆ ਸੀ। ਪੰਥ ਨੂੰ ਇਸ ਵੇਲੇ ਇਮਾਨਦਾਰ ਅਤੇ ਨਿਰਪੱਖ ਆਗੂਆਂ ਦੀ ਲੋੜ ਹੈ ਜੋ ਸਿੱਖ ਕੌਮ ਦੇ ਹਿੱਤਾਂ ਦੀ ਰਾਖੀ ਕਰ ਸਕਣ।
ਫ਼ਤਹਿਗੜ੍ਹ ਸਾਹਿਬ, 20 ਮਾਰਚ (ਗੁਰਮੀਤ ਸਿੰਘ ਭਰਤਗੜ)- ਸ਼੍ਰੋਮਣੀ ਅਕਾਲੀ ਦਲ ਅੰਮ੍ਰਿਤਸਰ ਦੇ ਆਗੂ ਨੇ ਕਿਹਾ ਕਿ ਐਡਵੋਕੇਟ ਹਰਜਿੰਦਰ ਸਿੰਘ ਧਾਮੀ ਵੱਲੋਂ ਆਪਣਾ ਅਸਤੀਫਾ ਵਾਪਸ ਲੈਣਾ ਇਹ ਦਰਸਾਉਂਦਾ ਹੈ ਕਿ ਬਾਦਲ ਪਰਿਵਾਰ ਨੂੰ ਸਿਆਸੀ ਅਤੇ ਧਾਰਮਿਕ ਤੌਰ ਉੱਤੇ ਮੁੜ ਸੁਰਜੀਤ ਕਰਨ ਦੀ ਕੋਸ਼ਿਸ਼ ਕੀਤੀ ਜਾ ਰਹੀ ਹੈ। 2 ਦਸੰਬਰ 2024 ਨੂੰ ਜਾਰੀ ਹੁਕਮਨਾਮੇ ਦੀ ਪਾਲਣਾ ਨਹੀਂ ਕੀਤੀ ਗਈ। ਉਨ੍ਹਾਂ ਕਿਹਾ ਕਿ ਜੇਕਰ ਅਸਤੀਫਾ ਦੇਣਾ ਹੀ ਸੀ ਤਾਂ ਉਸ ਵੇਲੇ ਦਿੰਦੇ ਜਦੋਂ ਗਿਆਨੀ ਹਰਪ੍ਰੀਤ ਸਿੰਘ ਨੂੰ ਪਾਸੇ ਕੀਤਾ ਗਿਆ ਸੀ। ਪੰਥ ਨੂੰ ਇਸ ਵੇਲੇ ਇਮਾਨਦਾਰ ਅਤੇ ਨਿਰਪੱਖ ਆਗੂਆਂ ਦੀ ਲੋੜ ਹੈ ਜੋ ਸਿੱਖ ਕੌਮ ਦੇ ਹਿੱਤਾਂ ਦੀ ਰਾਖੀ ਕਰ ਸਕਣ।
ਫ਼ਤਹਿਗੜ੍ਹ ਸਾਹਿਬ, 20 ਮਾਰਚ (ਗੁਰਮੀਤ ਸਿੰਘ ਭਰਤਗੜ)- ਸ਼੍ਰੋਮਣੀ ਅਕਾਲੀ ਦਲ ਅੰਮ੍ਰਿਤਸਰ ਦੇ ਆਗੂ ਨੇ ਕਿਹਾ ਕਿ ਐਡਵੋਕੇਟ ਹਰਜਿੰਦਰ ਸਿੰਘ ਧਾਮੀ ਵੱਲੋਂ ਆਪਣਾ ਅਸਤੀਫਾ ਵਾਪਸ ਲੈਣਾ ਇਹ ਦਰਸਾਉਂਦਾ ਹੈ ਕਿ ਬਾਦਲ ਪਰਿਵਾਰ ਨੂੰ ਸਿਆਸੀ ਅਤੇ ਧਾਰਮਿਕ ਤੌਰ ਉੱਤੇ ਮੁੜ ਸੁਰਜੀਤ ਕਰਨ ਦੀ ਕੋਸ਼ਿਸ਼ ਕੀਤੀ ਜਾ ਰਹੀ ਹੈ। 2 ਦਸੰਬਰ 2024 ਨੂੰ ਜਾਰੀ ਹੁਕਮਨਾਮੇ ਦੀ ਪਾਲਣਾ ਨਹੀਂ ਕੀਤੀ ਗਈ। ਉਨ੍ਹਾਂ ਕਿਹਾ ਕਿ ਜੇਕਰ ਅਸਤੀਫਾ ਦੇਣਾ ਹੀ ਸੀ ਤਾਂ ਉਸ ਵੇਲੇ ਦਿੰਦੇ ਜਦੋਂ ਗਿਆਨੀ ਹਰਪ੍ਰੀਤ ਸਿੰਘ ਨੂੰ ਪਾਸੇ ਕੀਤਾ ਗਿਆ ਸੀ। ਪੰਥ ਨੂੰ ਇਸ ਵੇਲੇ ਇਮਾਨਦਾਰ ਅਤੇ ਨਿਰਪੱਖ ਆਗੂਆਂ ਦੀ ਲੋੜ ਹੈ ਜੋ ਸਿੱਖ ਕੌਮ ਦੇ ਹਿੱਤਾਂ ਦੀ ਰਾਖੀ ਕਰ ਸਕਣ।
ਫ਼ਤਹਿਗੜ੍ਹ ਸਾਹਿਬ, 20 ਮਾਰਚ (ਗੁਰਮੀਤ ਸਿੰਘ ਭਰਤਗੜ)- ਸ਼੍ਰੋਮਣੀ ਅਕਾਲੀ ਦਲ ਅੰਮ੍ਰਿਤਸਰ ਦੇ ਆਗੂ ਨੇ ਕਿਹਾ ਕਿ ਐਡਵੋਕੇਟ ਹਰਜਿੰਦਰ ਸਿੰਘ ਧਾਮੀ ਵੱਲੋਂ ਆਪਣਾ ਅਸਤੀਫਾ ਵਾਪਸ ਲੈਣਾ ਇਹ ਦਰਸਾਉਂਦਾ ਹੈ ਕਿ ਬਾਦਲ ਪਰਿਵਾਰ ਨੂੰ ਸਿਆਸੀ ਅਤੇ ਧਾਰਮਿਕ ਤੌਰ ਉੱਤੇ ਮੁੜ ਸੁਰਜੀਤ ਕਰਨ ਦੀ ਕੋਸ਼ਿਸ਼ ਕੀਤੀ ਜਾ ਰਹੀ ਹੈ। 2 ਦਸੰਬਰ 2024 ਨੂੰ ਜਾਰੀ ਹੁਕਮਨਾਮੇ ਦੀ ਪਾਲਣਾ ਨਹੀਂ ਕੀਤੀ ਗਈ। ਉਨ੍ਹਾਂ ਕਿਹਾ ਕਿ ਜੇਕਰ ਅਸਤੀਫਾ ਦੇਣਾ ਹੀ ਸੀ ਤਾਂ ਉਸ ਵੇਲੇ ਦਿੰਦੇ ਜਦੋਂ ਗਿਆਨੀ ਹਰਪ੍ਰੀਤ ਸਿੰਘ ਨੂੰ ਪਾਸੇ ਕੀਤਾ ਗਿਆ ਸੀ। ਪੰਥ ਨੂੰ ਇਸ ਵੇਲੇ ਇਮਾਨਦਾਰ ਅਤੇ ਨਿਰਪੱਖ ਆਗੂਆਂ ਦੀ ਲੋੜ ਹੈ ਜੋ ਸਿੱਖ ਕੌਮ ਦੇ ਹਿੱਤਾਂ ਦੀ ਰਾਖੀ ਕਰ ਸਕਣ।
ਕਿਸਾਨ ਆਗੂਆਂ ਨਾਲ ਵਿਸ਼ਵਾਸ ਘਾਤ ਕਰਨ ਵਾਲੇ ਭਗਵੰਤ ਮਾਨ ਦੀ ਦੋਗਲੀ ਨੀਤੀ ਹੋਈ ਜਗ ਜ਼ਾਹਿਰ: ਅਕਾਲੀ ਆਗੂ ਸਪੇਨ
ਪੈਰਿਸ 20 ਮਾਰਚ (ਰਾਜਵਿੰਦਰ ਸਿੰਘ ਬਰਾੜ)- ਸ਼੍ਰੋਮਣੀ ਅਕਾਲੀ ਦਲ ਦੇ ਵਿਦੇਸ਼ੀ ਆਗੂਆਂ ਨੇ ਕਿਹਾ ਕਿ ਮੁੱਖ ਮੰਤਰੀ ਭਗਵੰਤ ਮਾਨ ਵੱਲੋਂ ਕਿਸਾਨ ਆਗੂਆਂ ਨੂੰ ਮੀਟਿੰਗ ਲਈ ਬੁਲਾ ਕੇ ਹਿਰਾਸਤ ਵਿੱਚ ਲੈਣਾ ਵਿਸ਼ਵਾਸ ਘਾਤ ਹੈ। ਉਨ੍ਹਾਂ ਕਿਹਾ ਕਿ ਸਰਕਾਰ ਦੀ ਦੋਗਲੀ ਨੀਤੀ ਹੁਣ ਜਗ ਜ਼ਾਹਿਰ ਹੋ ਚੁੱਕੀ ਹੈ ਅਤੇ ਕਿਸਾਨਾਂ ਨਾਲ ਕੀਤੇ ਵਾਅਦੇ ਪੂਰੇ ਨਹੀਂ ਕੀਤੇ ਗਏ। ਸ਼ੰਭੂ ਅਤੇ ਖਨੌਰੀ ਬਾਰਡਰ ਉੱਤੇ ਬੈਠੇ ਕਿਸਾਨਾਂ ਨੂੰ ਜ਼ਬਰਦਸਤੀ ਉਠਾਉਣਾ ਲੋਕਤੰਤਰ ਦਾ ਘਾਣ ਹੈ। ਆਗੂਆਂ ਨੇ ਮੰਗ ਕੀਤੀ ਕਿ ਹਿਰਾਸਤ ਵਿੱਚ ਲਏ ਗਏ ਸਾਰੇ ਕਿਸਾਨ ਆਗੂਆਂ ਨੂੰ ਤੁਰੰਤ ਰਿਹਾਅ ਕੀਤਾ ਜਾਵੇ ਅਤੇ ਉਨ੍ਹਾਂ ਦੀਆਂ ਮੰਗਾਂ ਮੰਨੀਆਂ ਜਾਣ।
ਗੁਰਮੀਤ ਸਿੰਘ ਖਾਲਸਾ	ਸਤਨਾਮ ਸਿੰਘ	ਪ੍ਰਿੰਸੀਪਲ ਸਿੰਘ	ਜਸਵੰਤ ਸਿੰਘ
ਕੁਲਦੀਪ ਸਿੰਘ	ਬਲਵਿੰਦਰ ਸਿੰਘ	ਗੁਰਦੀਪ ਸਿੰਘ	ਹਰਜੀਤ ਸਿੰਘ
ਪੈਰਿਸ 20 ਮਾਰਚ (ਰਾਜਵਿੰਦਰ ਸਿੰਘ ਬਰਾੜ)- ਸ਼੍ਰੋਮਣੀ ਅਕਾਲੀ ਦਲ ਦੇ ਵਿਦੇਸ਼ੀ ਆਗੂਆਂ ਨੇ ਕਿਹਾ ਕਿ ਮੁੱਖ ਮੰਤਰੀ ਭਗਵੰਤ ਮਾਨ ਵੱਲੋਂ ਕਿਸਾਨ ਆਗੂਆਂ ਨੂੰ ਮੀਟਿੰਗ ਲਈ ਬੁਲਾ ਕੇ ਹਿਰਾਸਤ ਵਿੱਚ ਲੈਣਾ ਵਿਸ਼ਵਾਸ ਘਾਤ ਹੈ। ਉਨ੍ਹਾਂ ਕਿਹਾ ਕਿ ਸਰਕਾਰ ਦੀ ਦੋਗਲੀ ਨੀਤੀ ਹੁਣ ਜਗ ਜ਼ਾਹਿਰ ਹੋ ਚੁੱਕੀ ਹੈ ਅਤੇ ਕਿਸਾਨਾਂ ਨਾਲ ਕੀਤੇ ਵਾਅਦੇ ਪੂਰੇ ਨਹੀਂ ਕੀਤੇ ਗਏ। ਸ਼ੰਭੂ ਅਤੇ ਖਨੌਰੀ ਬਾਰਡਰ ਉੱਤੇ ਬੈਠੇ ਕਿਸਾਨਾਂ ਨੂੰ ਜ਼ਬਰਦਸਤੀ ਉਠਾਉਣਾ ਲੋਕਤੰਤਰ ਦਾ ਘਾਣ ਹੈ। ਆਗੂਆਂ ਨੇ ਮੰਗ ਕੀਤੀ ਕਿ ਹਿਰਾਸਤ ਵਿੱਚ ਲਏ ਗਏ ਸਾਰੇ ਕਿਸਾਨ ਆਗੂਆਂ ਨੂੰ ਤੁਰੰਤ ਰਿਹਾਅ ਕੀਤਾ ਜਾਵੇ ਅਤੇ ਉਨ੍ਹਾਂ ਦੀਆਂ ਮੰਗਾਂ ਮੰਨੀਆਂ ਜਾਣ।
ਪੈਰਿਸ 20 ਮਾਰਚ (ਰਾਜਵਿੰਦਰ ਸਿੰਘ ਬਰਾੜ)- ਸ਼੍ਰੋਮਣੀ ਅਕਾਲੀ ਦਲ ਦੇ ਵਿਦੇਸ਼ੀ ਆਗੂਆਂ ਨੇ ਕਿਹਾ ਕਿ ਮੁੱਖ ਮੰਤਰੀ ਭਗਵੰਤ ਮਾਨ ਵੱਲੋਂ ਕਿਸਾਨ ਆਗੂਆਂ ਨੂੰ ਮੀਟਿੰਗ ਲਈ ਬੁਲਾ ਕੇ ਹਿਰਾਸਤ ਵਿੱਚ ਲੈਣਾ ਵਿਸ਼ਵਾਸ ਘਾਤ ਹੈ। ਉਨ੍ਹਾਂ ਕਿਹਾ ਕਿ ਸਰਕਾਰ ਦੀ ਦੋਗਲੀ ਨੀਤੀ ਹੁਣ ਜਗ ਜ਼ਾਹਿਰ ਹੋ ਚੁੱਕੀ ਹੈ ਅਤੇ ਕਿਸਾਨਾਂ ਨਾਲ ਕੀਤੇ ਵਾਅਦੇ ਪੂਰੇ ਨਹੀਂ ਕੀਤੇ ਗਏ। ਸ਼ੰਭੂ ਅਤੇ ਖਨੌਰੀ ਬਾਰਡਰ ਉੱਤੇ ਬੈਠੇ ਕਿਸਾਨਾਂ ਨੂੰ ਜ਼ਬਰਦਸਤੀ ਉਠਾਉਣਾ ਲੋਕਤੰਤਰ ਦਾ ਘਾਣ ਹੈ। ਆਗੂਆਂ ਨੇ ਮੰਗ ਕੀਤੀ ਕਿ ਹਿਰਾਸਤ ਵਿੱਚ ਲਏ ਗਏ ਸਾਰੇ ਕਿਸਾਨ ਆਗੂਆਂ ਨੂੰ ਤੁਰੰਤ ਰਿਹਾਅ ਕੀਤਾ ਜਾਵੇ ਅਤੇ ਉਨ੍ਹਾਂ ਦੀਆਂ ਮੰਗਾਂ ਮੰਨੀਆਂ ਜਾਣ।
ਆਪਣੀਆਂ ਹੱਕੀ ਮੰਗਾਂ ਲਈ ਸੂਬੇ ਦੀਆਂ ਹੱਦਾਂ ਤੇ ਸ਼ਾਂਤਮਈ ਧਰਨੇ ਤੇ ਬੈਠੇ ਕਿਸਾਨਾਂ ਉੱਪਰ ਪੁਲਿਸ ਅਤੇ ਸਰਕਾਰ ਵੱਲੋਂ ਕੀਤੇ ਜ਼ਬਰ ਦੀ ਨਿਖੇਧੀ
ਸੰਗਰੂਰ, 20 ਮਾਰਚ (ਹਰਵੰਸ਼ ਸਿੰਘ ਨਾਗਰੀ)- ਸ਼੍ਰੋਮਣੀ ਅਕਾਲੀ ਦਲ ਦੇ ਆਗੂਆਂ ਨੇ ਆਪਣੀਆਂ ਹੱਕੀ ਮੰਗਾਂ ਲਈ ਸ਼ਾਂਤਮਈ ਧਰਨੇ ਉੱਤੇ ਬੈਠੇ ਕਿਸਾਨਾਂ ਉੱਪਰ ਪੰਜਾਬ ਪੁਲਿਸ ਅਤੇ ਸਰਕਾਰ ਵੱਲੋਂ ਕੀਤੇ ਜ਼ਬਰ ਦੀ ਸਖ਼ਤ ਨਿਖੇਧੀ ਕੀਤੀ। ਉਨ੍ਹਾਂ ਕਿਹਾ ਕਿ ਕਿਸਾਨ ਆਗੂ ਜਗਜੀਤ ਸਿੰਘ ਡੱਲੇਵਾਲ ਅਤੇ ਸਰਵਣ ਸਿੰਘ ਪੰਧੇਰ ਨੂੰ ਹਿਰਾਸਤ ਵਿੱਚ ਲੈਣਾ ਮੰਦਭਾਗਾ ਹੈ। ਸਰਕਾਰ ਨੇ ਕਿਸਾਨਾਂ ਨੂੰ ਗੱਲਬਾਤ ਦੇ ਬਹਾਨੇ ਬੁਲਾ ਕੇ ਧੋਖਾ ਕੀਤਾ। ਆਗੂਆਂ ਨੇ ਕਿਹਾ ਕਿ ਪਾਰਟੀ ਕਿਸਾਨਾਂ ਦੇ ਨਾਲ ਖੜੀ ਹੈ ਅਤੇ ਇਸ ਜ਼ਬਰ ਦਾ ਹਰ ਪੱਧਰ ਉੱਤੇ ਵਿਰੋਧ ਕਰੇਗੀ। ਉਨ੍ਹਾਂ ਮੰਗ ਕੀਤੀ ਕਿ ਕਿਸਾਨਾਂ ਦੀਆਂ ਮੰਗਾਂ ਤੁਰੰਤ ਮੰਨੀਆਂ ਜਾਣ ਅਤੇ ਐਮ.ਐਸ.ਪੀ. ਦੀ ਕਾਨੂੰਨੀ ਗਾਰੰਟੀ ਦਿੱਤੀ ਜਾਵੇ।
ਸੰਗਰੂਰ, 20 ਮਾਰਚ (ਹਰਵੰਸ਼ ਸਿੰਘ ਨਾਗਰੀ)- ਸ਼੍ਰੋਮਣੀ ਅਕਾਲੀ ਦਲ ਦੇ ਆਗੂਆਂ ਨੇ ਆਪਣੀਆਂ ਹੱਕੀ ਮੰਗਾਂ ਲਈ ਸ਼ਾਂਤਮਈ ਧਰਨੇ ਉੱਤੇ ਬੈਠੇ ਕਿਸਾਨਾਂ ਉੱਪਰ ਪੰਜਾਬ ਪੁਲਿਸ ਅਤੇ ਸਰਕਾਰ ਵੱਲੋਂ ਕੀਤੇ ਜ਼ਬਰ ਦੀ ਸਖ਼ਤ ਨਿਖੇਧੀ ਕੀਤੀ। ਉਨ੍ਹਾਂ ਕਿਹਾ ਕਿ ਕਿਸਾਨ ਆਗੂ ਜਗਜੀਤ ਸਿੰਘ ਡੱਲੇਵਾਲ ਅਤੇ ਸਰਵਣ ਸਿੰਘ ਪੰਧੇਰ ਨੂੰ ਹਿਰਾਸਤ ਵਿੱਚ ਲੈਣਾ ਮੰਦਭਾਗਾ ਹੈ। ਸਰਕਾਰ ਨੇ ਕਿਸਾਨਾਂ ਨੂੰ ਗੱਲਬਾਤ ਦੇ ਬਹਾਨੇ ਬੁਲਾ ਕੇ ਧੋਖਾ ਕੀਤਾ। ਆਗੂਆਂ ਨੇ ਕਿਹਾ ਕਿ ਪਾਰਟੀ ਕਿਸਾਨਾਂ ਦੇ ਨਾਲ ਖੜੀ ਹੈ ਅਤੇ ਇਸ ਜ਼ਬਰ ਦਾ ਹਰ ਪੱਧਰ ਉੱਤੇ ਵਿਰੋਧ ਕਰੇਗੀ। ਉਨ੍ਹਾਂ ਮੰਗ ਕੀਤੀ ਕਿ ਕਿਸਾਨਾਂ ਦੀਆਂ ਮੰਗਾਂ ਤੁਰੰਤ ਮੰਨੀਆਂ ਜਾਣ ਅਤੇ ਐਮ.ਐਸ.ਪੀ. ਦੀ ਕਾਨੂੰਨੀ ਗਾਰੰਟੀ ਦਿੱਤੀ ਜਾਵੇ।
ਸੰਗਰੂਰ, 20 ਮਾਰਚ (ਹਰਵੰਸ਼ ਸਿੰਘ ਨਾਗਰੀ)- ਸ਼੍ਰੋਮਣੀ ਅਕਾਲੀ ਦਲ ਦੇ ਆਗੂਆਂ ਨੇ ਆਪਣੀਆਂ ਹੱਕੀ ਮੰਗਾਂ ਲਈ ਸ਼ਾਂਤਮਈ ਧਰਨੇ ਉੱਤੇ ਬੈਠੇ ਕਿਸਾਨਾਂ ਉੱਪਰ ਪੰਜਾਬ ਪੁਲਿਸ ਅਤੇ ਸਰਕਾਰ ਵੱਲੋਂ ਕੀਤੇ ਜ਼ਬਰ ਦੀ ਸਖ਼ਤ ਨਿਖੇਧੀ ਕੀਤੀ। ਉਨ੍ਹਾਂ ਕਿਹਾ ਕਿ ਕਿਸਾਨ ਆਗੂ ਜਗਜੀਤ ਸਿੰਘ ਡੱਲੇਵਾਲ ਅਤੇ ਸਰਵਣ ਸਿੰਘ ਪੰਧੇਰ ਨੂੰ ਹਿਰਾਸਤ ਵਿੱਚ ਲੈਣਾ ਮੰਦਭਾਗਾ ਹੈ। ਸਰਕਾਰ ਨੇ ਕਿਸਾਨਾਂ ਨੂੰ ਗੱਲਬਾਤ ਦੇ ਬਹਾਨੇ ਬੁਲਾ ਕੇ ਧੋਖਾ ਕੀਤਾ। ਆਗੂਆਂ ਨੇ ਕਿਹਾ ਕਿ ਪਾਰਟੀ ਕਿਸਾਨਾਂ ਦੇ ਨਾਲ ਖੜੀ ਹੈ ਅਤੇ ਇਸ ਜ਼ਬਰ ਦਾ ਹਰ ਪੱਧਰ ਉੱਤੇ ਵਿਰੋਧ ਕਰੇਗੀ। ਉਨ੍ਹਾਂ ਮੰਗ ਕੀਤੀ ਕਿ ਕਿਸਾਨਾਂ ਦੀਆਂ ਮੰਗਾਂ ਤੁਰੰਤ ਮੰਨੀਆਂ ਜਾਣ ਅਤੇ ਐਮ.ਐਸ.ਪੀ. ਦੀ ਕਾਨੂੰਨੀ ਗਾਰੰਟੀ ਦਿੱਤੀ ਜਾਵੇ।
ਸੰਗਰੂਰ, 20 ਮਾਰਚ (ਹਰਵੰਸ਼ ਸਿੰਘ ਨਾਗਰੀ)- ਸ਼੍ਰੋਮਣੀ ਅਕਾਲੀ ਦਲ ਦੇ ਆਗੂਆਂ ਨੇ ਆਪਣੀਆਂ ਹੱਕੀ ਮੰਗਾਂ ਲਈ ਸ਼ਾਂਤਮਈ ਧਰਨੇ ਉੱਤੇ ਬੈਠੇ ਕਿਸਾਨਾਂ ਉੱਪਰ ਪੰਜਾਬ ਪੁਲਿਸ ਅਤੇ ਸਰਕਾਰ ਵੱਲੋਂ ਕੀਤੇ ਜ਼ਬਰ ਦੀ ਸਖ਼ਤ ਨਿਖੇਧੀ ਕੀਤੀ। ਉਨ੍ਹਾਂ ਕਿਹਾ ਕਿ ਕਿਸਾਨ ਆਗੂ ਜਗਜੀਤ ਸਿੰਘ ਡੱਲੇਵਾਲ ਅਤੇ ਸਰਵਣ ਸਿੰਘ ਪੰਧੇਰ ਨੂੰ ਹਿਰਾਸਤ ਵਿੱਚ ਲੈਣਾ ਮੰਦਭਾਗਾ ਹੈ। ਸਰਕਾਰ ਨੇ ਕਿਸਾਨਾਂ ਨੂੰ ਗੱਲਬਾਤ ਦੇ ਬਹਾਨੇ ਬੁਲਾ ਕੇ ਧੋਖਾ ਕੀਤਾ। ਆਗੂਆਂ ਨੇ ਕਿਹਾ ਕਿ ਪਾਰਟੀ ਕਿਸਾਨਾਂ ਦੇ ਨਾਲ ਖੜੀ ਹੈ ਅਤੇ ਇਸ ਜ਼ਬਰ ਦਾ ਹਰ ਪੱਧਰ ਉੱਤੇ ਵਿਰੋਧ ਕਰੇਗੀ। ਉਨ੍ਹਾਂ ਮੰਗ ਕੀਤੀ ਕਿ ਕਿਸਾਨਾਂ ਦੀਆਂ ਮੰਗਾਂ ਤੁਰੰਤ ਮੰਨੀਆਂ ਜਾਣ ਅਤੇ ਐਮ.ਐਸ.ਪੀ. ਦੀ ਕਾਨੂੰਨੀ ਗਾਰੰਟੀ ਦਿੱਤੀ ਜਾਵੇ।
ਪ੍ਰੀਮੀਅਰ ਲਕਸਨ ਦੀ ਫੇਰੀ ਭਾਰਤ-ਨਿਊਜ਼ੀਲੈਂਡ ਵਿਚਕਾਰ ਵਧ ਰਹੇ ਰਣਨੀਤਕ ਅਤੇ ਕੂਟਨੀਤਕ ਰਿਸ਼ਤੇ ਨੂੰ ਹੈ ਦਰਸਾਉਂਦੀ : ਐੱਮਪੀ ਸਤਨਾਮ ਸਿੰਘ ਸੰਧੂ
ਨਵੀਂ ਦਿੱਲੀ 19 ਮਾਰਚ (ਜਸਵਿੰਦਰ ਸਿੰਘ) - ਰਾਜ ਸਭਾ ਮੈਂਬਰ ਸਤਨਾਮ ਸਿੰਘ ਸੰਧੂ ਨੇ ਕਿਹਾ ਕਿ ਨਿਊਜ਼ੀਲੈਂਡ ਦੇ ਪ੍ਰਧਾਨ ਮੰਤਰੀ ਕ੍ਰਿਸਟੋਫਰ ਲਕਸਨ ਦੀ ਭਾਰਤ ਫੇਰੀ ਦੋਵਾਂ ਦੇਸ਼ਾਂ ਵਿਚਕਾਰ ਵਧ ਰਹੇ ਰਣਨੀਤਕ ਅਤੇ ਕੂਟਨੀਤਕ ਰਿਸ਼ਤਿਆਂ ਨੂੰ ਦਰਸਾਉਂਦੀ ਹੈ। ਉਨ੍ਹਾਂ ਕਿਹਾ ਕਿ ਸਿੱਖਿਆ, ਵਪਾਰ, ਖੇਤੀਬਾੜੀ ਅਤੇ ਤਕਨਾਲੋਜੀ ਦੇ ਖੇਤਰਾਂ ਵਿੱਚ ਦੋਵਾਂ ਦੇਸ਼ਾਂ ਨੂੰ ਨਵੇਂ ਮੌਕੇ ਮਿਲਣਗੇ। ਨਿਊਜ਼ੀਲੈਂਡ ਵਿੱਚ ਵੱਡੀ ਗਿਣਤੀ ਵਿੱਚ ਪੰਜਾਬੀ ਭਾਈਚਾਰਾ ਵਸਦਾ ਹੈ ਜਿਸ ਨੇ ਦੋਵਾਂ ਦੇਸ਼ਾਂ ਨੂੰ ਜੋੜਨ ਵਿੱਚ ਅਹਿਮ ਭੂਮਿਕਾ ਨਿਭਾਈ ਹੈ। ਪ੍ਰਧਾਨ ਮੰਤਰੀ ਨਰਿੰਦਰ ਮੋਦੀ ਨਾਲ ਮੁਲਾਕਾਤ ਦੌਰਾਨ ਕਈ ਅਹਿਮ ਸਮਝੌਤਿਆਂ ਉੱਤੇ ਦਸਤਖ਼ਤ ਕੀਤੇ ਗਏ।
ਨਵੀਂ ਦਿੱਲੀ 19 ਮਾਰਚ (ਜਸਵਿੰਦਰ ਸਿੰਘ) - ਰਾਜ ਸਭਾ ਮੈਂਬਰ ਸਤਨਾਮ ਸਿੰਘ ਸੰਧੂ ਨੇ ਕਿਹਾ ਕਿ ਨਿਊਜ਼ੀਲੈਂਡ ਦੇ ਪ੍ਰਧਾਨ ਮੰਤਰੀ ਕ੍ਰਿਸਟੋਫਰ ਲਕਸਨ ਦੀ ਭਾਰਤ ਫੇਰੀ ਦੋਵਾਂ ਦੇਸ਼ਾਂ ਵਿਚਕਾਰ ਵਧ ਰਹੇ ਰਣਨੀਤਕ ਅਤੇ ਕੂਟਨੀਤਕ ਰਿਸ਼ਤਿਆਂ ਨੂੰ ਦਰਸਾਉਂਦੀ ਹੈ। ਉਨ੍ਹਾਂ ਕਿਹਾ ਕਿ ਸਿੱਖਿਆ, ਵਪਾਰ, ਖੇਤੀਬਾੜੀ ਅਤੇ ਤਕਨਾਲੋਜੀ ਦੇ ਖੇਤਰਾਂ ਵਿੱਚ ਦੋਵਾਂ ਦੇਸ਼ਾਂ ਨੂੰ ਨਵੇਂ ਮੌਕੇ ਮਿਲਣਗੇ। ਨਿਊਜ਼ੀਲੈਂਡ ਵਿੱਚ ਵੱਡੀ ਗਿਣਤੀ ਵਿੱਚ ਪੰਜਾਬੀ ਭਾਈਚਾਰਾ ਵਸਦਾ ਹੈ ਜਿਸ ਨੇ ਦੋਵਾਂ ਦੇਸ਼ਾਂ ਨੂੰ ਜੋੜਨ ਵਿੱਚ ਅਹਿਮ ਭੂਮਿਕਾ ਨਿਭਾਈ ਹੈ। ਪ੍ਰਧਾਨ ਮੰਤਰੀ ਨਰਿੰਦਰ ਮੋਦੀ ਨਾਲ ਮੁਲਾਕਾਤ ਦੌਰਾਨ ਕਈ ਅਹਿਮ ਸਮਝੌਤਿਆਂ ਉੱਤੇ ਦਸਤਖ਼ਤ ਕੀਤੇ ਗਏ।
ਨਵੀਂ ਦਿੱਲੀ 19 ਮਾਰਚ (ਜਸਵਿੰਦਰ ਸਿੰਘ) - ਰਾਜ ਸਭਾ ਮੈਂਬਰ ਸਤਨਾਮ ਸਿੰਘ ਸੰਧੂ ਨੇ ਕਿਹਾ ਕਿ ਨਿਊਜ਼ੀਲੈਂਡ ਦੇ ਪ੍ਰਧਾਨ ਮੰਤਰੀ ਕ੍ਰਿਸਟੋਫਰ ਲਕਸਨ ਦੀ ਭਾਰਤ ਫੇਰੀ ਦੋਵਾਂ ਦੇਸ਼ਾਂ ਵਿਚਕਾਰ ਵਧ ਰਹੇ ਰਣਨੀਤਕ ਅਤੇ ਕੂਟਨੀਤਕ ਰਿਸ਼ਤਿਆਂ ਨੂੰ ਦਰਸਾਉਂਦੀ ਹੈ। ਉਨ੍ਹਾਂ ਕਿਹਾ ਕਿ ਸਿੱਖਿਆ, ਵਪਾਰ, ਖੇਤੀਬਾੜੀ ਅਤੇ ਤਕਨਾਲੋਜੀ ਦੇ ਖੇਤਰਾਂ ਵਿੱਚ ਦੋਵਾਂ ਦੇਸ਼ਾਂ ਨੂੰ ਨਵੇਂ ਮੌਕੇ ਮਿਲਣਗੇ। ਨਿਊਜ਼ੀਲੈਂਡ ਵਿੱਚ ਵੱਡੀ ਗਿਣਤੀ ਵਿੱਚ ਪੰਜਾਬੀ ਭਾਈਚਾਰਾ ਵਸਦਾ ਹੈ ਜਿਸ ਨੇ ਦੋਵਾਂ ਦੇਸ਼ਾਂ ਨੂੰ ਜੋੜਨ ਵਿੱਚ ਅਹਿਮ ਭੂਮਿਕਾ ਨਿਭਾਈ ਹੈ। ਪ੍ਰਧਾਨ ਮੰਤਰੀ ਨਰਿੰਦਰ ਮੋਦੀ ਨਾਲ ਮੁਲਾਕਾਤ ਦੌਰਾਨ ਕਈ ਅਹਿਮ ਸਮਝੌਤਿਆਂ ਉੱਤੇ ਦਸਤਖ਼ਤ ਕੀਤੇ ਗਏ।
ਸੀ.ਐਚ.ਸੀ ਕੂੰਮ ਕਲਾਂ ਵੱਲੋਂ ਵਿਸ਼ਵ ਓਰਲ ਹੈਲਥ ਦਿਵਸ ਮਨਾਇਆ ਗਿਆ
ਕੂਮਕਲਾਂ / ਸਾਹਨੇਵਾਲ, 20 ਮਾਰਚ (ਅਮਰਜੀਤ ਸਿੰਘ ਬਾਜਵਾ)- ਸਿਵਲ ਸਰਜਨ ਲੁਧਿਆਣਾ ਡਾ. ਰਮਨਦੀਪ ਕੌਰ ਦੇ ਦਿਸ਼ਾ ਨਿਰਦੇਸ਼ਾਂ ਹੇਠ ਅਤੇ ਸੀਨੀਅਰ ਮੈਡੀਕਲ ਅਫ਼ਸਰ ਡਾ. ਹਰਪ੍ਰੀਤ ਸਿੰਘ ਦੀ ਅਗਵਾਈ ਹੇਠ ਸੀ.ਐਚ.ਸੀ ਕੂੰਮ ਕਲਾਂ ਵਿਖੇ ਵਿਸ਼ਵ ਓਰਲ ਹੈਲਥ ਦਿਵਸ ਮਨਾਇਆ ਗਿਆ। ਇਸ ਮੌਕੇ ਦੰਦਾਂ ਦੇ ਮਾਹਿਰ ਡਾਕਟਰਾਂ ਵੱਲੋਂ ਲੋਕਾਂ ਨੂੰ ਮੂੰਹ ਅਤੇ ਦੰਦਾਂ ਦੀ ਸਾਫ ਸਫਾਈ ਬਾਰੇ ਜਾਗਰੂਕ ਕੀਤਾ ਗਿਆ। ਉਨ੍ਹਾਂ ਦੱਸਿਆ ਕਿ ਦਿਨ ਵਿੱਚ ਦੋ ਵਾਰ ਬੁਰਸ਼ ਕਰਨਾ ਚਾਹੀਦਾ ਹੈ ਅਤੇ ਤੰਬਾਕੂ ਦੀ ਵਰਤੋਂ ਤੋਂ ਪਰਹੇਜ਼ ਕਰਨਾ ਚਾਹੀਦਾ ਹੈ। ਇਸ ਮੌਕੇ ਮੁਫ਼ਤ ਜਾਂਚ ਕੈਂਪ ਵੀ ਲਗਾਇਆ ਗਿਆ।
ਕੂਮਕਲਾਂ / ਸਾਹਨੇਵਾਲ, 20 ਮਾਰਚ (ਅਮਰਜੀਤ ਸਿੰਘ ਬਾਜਵਾ)- ਸਿਵਲ ਸਰਜਨ ਲੁਧਿਆਣਾ ਡਾ. ਰਮਨਦੀਪ ਕੌਰ ਦੇ ਦਿਸ਼ਾ ਨਿਰਦੇਸ਼ਾਂ ਹੇਠ ਅਤੇ ਸੀਨੀਅਰ ਮੈਡੀਕਲ ਅਫ਼ਸਰ ਡਾ. ਹਰਪ੍ਰੀਤ ਸਿੰਘ ਦੀ ਅਗਵਾਈ ਹੇਠ ਸੀ.ਐਚ.ਸੀ ਕੂੰਮ ਕਲਾਂ ਵਿਖੇ ਵਿਸ਼ਵ ਓਰਲ ਹੈਲਥ ਦਿਵਸ ਮਨਾਇਆ ਗਿਆ। ਇਸ ਮੌਕੇ ਦੰਦਾਂ ਦੇ ਮਾਹਿਰ ਡਾਕਟਰਾਂ ਵੱਲੋਂ ਲੋਕਾਂ ਨੂੰ ਮੂੰਹ ਅਤੇ ਦੰਦਾਂ ਦੀ ਸਾਫ ਸਫਾਈ ਬਾਰੇ ਜਾਗਰੂਕ ਕੀਤਾ ਗਿਆ। ਉਨ੍ਹਾਂ ਦੱਸਿਆ ਕਿ ਦਿਨ ਵਿੱਚ ਦੋ ਵਾਰ ਬੁਰਸ਼ ਕਰਨਾ ਚਾਹੀਦਾ ਹੈ ਅਤੇ ਤੰਬਾਕੂ ਦੀ ਵਰਤੋਂ ਤੋਂ ਪਰਹੇਜ਼ ਕਰਨਾ ਚਾਹੀਦਾ ਹੈ। ਇਸ ਮੌਕੇ ਮੁਫ਼ਤ ਜਾਂਚ ਕੈਂਪ ਵੀ ਲਗਾਇਆ ਗਿਆ।
ਖਾਲਸਾ ਪੰਥ ਦੇ ਸਾਜਨਾ ਦਿਵਸ ਵਿਸਾਖੀ ਮੌਕੇ ਗੁਰਦੁਆਰਾ ਅੰਬ ਸਾਹਿਬ ਫੇਜ਼-8 ਵਿਖੇ 13 ਅਪ੍ਰੈਲ ਨੂੰ ਹੋਣਗੇ ਵਿਸ਼ਵ ਮੰਗਲ ਦੁਆ ਵਿਸ਼ਾਲ ਗੱਤਕਾ ਮੁਕਾਬਲੇ : ਪ੍ਰਧਾਨ ਅਕਵਿੰਦਰ ਸਿੰਘ ਗੋਸਲ
ਸਾਹਿਬਜ਼ਾਦਾ ਅਜੀਤ ਸਿੰਘ ਨਗਰ, 20 ਮਾਰਚ (ਜਸਵਿੰਦਰ ਸਿੰਘ)- ਖਾਲਸਾ ਪੰਥ ਦੇ ਸਾਜਨਾ ਦਿਵਸ ਵਿਸਾਖੀ ਮੌਕੇ ਗੁਰਦੁਆਰਾ ਅੰਬ ਸਾਹਿਬ ਫੇਜ਼-8 ਮੋਹਾਲੀ ਵਿਖੇ 13 ਅਪ੍ਰੈਲ 2025 ਨੂੰ ਵਿਸ਼ਾਲ ਗੱਤਕਾ ਮੁਕਾਬਲੇ ਕਰਵਾਏ ਜਾਣਗੇ। ਗੱਤਕਾ ਐਸੋਸੀਏਸ਼ਨ ਦੇ ਪ੍ਰਧਾਨ ਅਕਵਿੰਦਰ ਸਿੰਘ ਗੋਸਲ ਨੇ ਦੱਸਿਆ ਕਿ ਇਨ੍ਹਾਂ ਮੁਕਾਬਲਿਆਂ ਵਿੱਚ ਪੰਜਾਬ ਭਰ ਤੋਂ ਟੀਮਾਂ ਭਾਗ ਲੈਣਗੀਆਂ। ਜੇਤੂ ਟੀਮਾਂ ਨੂੰ ਨਕਦ ਇਨਾਮ ਅਤੇ ਟਰਾਫੀਆਂ ਦਿੱਤੀਆਂ ਜਾਣਗੀਆਂ। 15 ਹਜ਼ਾਰ ਰੁਪਏ ਪਹਿਲਾ ਇਨਾਮ ਅਤੇ 11 ਹਜ਼ਾਰ ਰੁਪਏ ਦੂਜਾ ਇਨਾਮ ਹੋਵੇਗਾ। ਇਸ ਮੌਕੇ ਐਸੋਸੀਏਸ਼ਨ ਦੇ ਅਹੁਦੇਦਾਰ ਅਤੇ ਮੈਂਬਰ ਹਾਜ਼ਰ ਸਨ।
ਸਾਹਿਬਜ਼ਾਦਾ ਅਜੀਤ ਸਿੰਘ ਨਗਰ, 20 ਮਾਰਚ (ਜਸਵਿੰਦਰ ਸਿੰਘ)- ਖਾਲਸਾ ਪੰਥ ਦੇ ਸਾਜਨਾ ਦਿਵਸ ਵਿਸਾਖੀ ਮੌਕੇ ਗੁਰਦੁਆਰਾ ਅੰਬ ਸਾਹਿਬ ਫੇਜ਼-8 ਮੋਹਾਲੀ ਵਿਖੇ 13 ਅਪ੍ਰੈਲ 2025 ਨੂੰ ਵਿਸ਼ਾਲ ਗੱਤਕਾ ਮੁਕਾਬਲੇ ਕਰਵਾਏ ਜਾਣਗੇ। ਗੱਤਕਾ ਐਸੋਸੀਏਸ਼ਨ ਦੇ ਪ੍ਰਧਾਨ ਅਕਵਿੰਦਰ ਸਿੰਘ ਗੋਸਲ ਨੇ ਦੱਸਿਆ ਕਿ ਇਨ੍ਹਾਂ ਮੁਕਾਬਲਿਆਂ ਵਿੱਚ ਪੰਜਾਬ ਭਰ ਤੋਂ ਟੀਮਾਂ ਭਾਗ ਲੈਣਗੀਆਂ। ਜੇਤੂ ਟੀਮਾਂ ਨੂੰ ਨਕਦ ਇਨਾਮ ਅਤੇ ਟਰਾਫੀਆਂ ਦਿੱਤੀਆਂ ਜਾਣਗੀਆਂ। 15 ਹਜ਼ਾਰ ਰੁਪਏ ਪਹਿਲਾ ਇਨਾਮ ਅਤੇ 11 ਹਜ਼ਾਰ ਰੁਪਏ ਦੂਜਾ ਇਨਾਮ ਹੋਵੇਗਾ। ਇਸ ਮੌਕੇ ਐਸੋਸੀਏਸ਼ਨ ਦੇ ਅਹੁਦੇਦਾਰ ਅਤੇ ਮੈਂਬਰ ਹਾਜ਼ਰ ਸਨ।
ਸਾਹਿਬਜ਼ਾਦਾ ਅਜੀਤ ਸਿੰਘ ਨਗਰ, 20 ਮਾਰਚ (ਜਸਵਿੰਦਰ ਸਿੰਘ)- ਖਾਲਸਾ ਪੰਥ ਦੇ ਸਾਜਨਾ ਦਿਵਸ ਵਿਸਾਖੀ ਮੌਕੇ ਗੁਰਦੁਆਰਾ ਅੰਬ ਸਾਹਿਬ ਫੇਜ਼-8 ਮੋਹਾਲੀ ਵਿਖੇ 13 ਅਪ੍ਰੈਲ 2025 ਨੂੰ ਵਿਸ਼ਾਲ ਗੱਤਕਾ ਮੁਕਾਬਲੇ ਕਰਵਾਏ ਜਾਣਗੇ। ਗੱਤਕਾ ਐਸੋਸੀਏਸ਼ਨ ਦੇ ਪ੍ਰਧਾਨ ਅਕਵਿੰਦਰ ਸਿੰਘ ਗੋਸਲ ਨੇ ਦੱਸਿਆ ਕਿ ਇਨ੍ਹਾਂ ਮੁਕਾਬਲਿਆਂ ਵਿੱਚ ਪੰਜਾਬ ਭਰ ਤੋਂ ਟੀਮਾਂ ਭਾਗ ਲੈਣਗੀਆਂ। ਜੇਤੂ ਟੀਮਾਂ ਨੂੰ ਨਕਦ ਇਨਾਮ ਅਤੇ ਟਰਾਫੀਆਂ ਦਿੱਤੀਆਂ ਜਾਣਗੀਆਂ। 15 ਹਜ਼ਾਰ ਰੁਪਏ ਪਹਿਲਾ ਇਨਾਮ ਅਤੇ 11 ਹਜ਼ਾਰ ਰੁਪਏ ਦੂਜਾ ਇਨਾਮ ਹੋਵੇਗਾ। ਇਸ ਮੌਕੇ ਐਸੋਸੀਏਸ਼ਨ ਦੇ ਅਹੁਦੇਦਾਰ ਅਤੇ ਮੈਂਬਰ ਹਾਜ਼ਰ ਸਨ।
